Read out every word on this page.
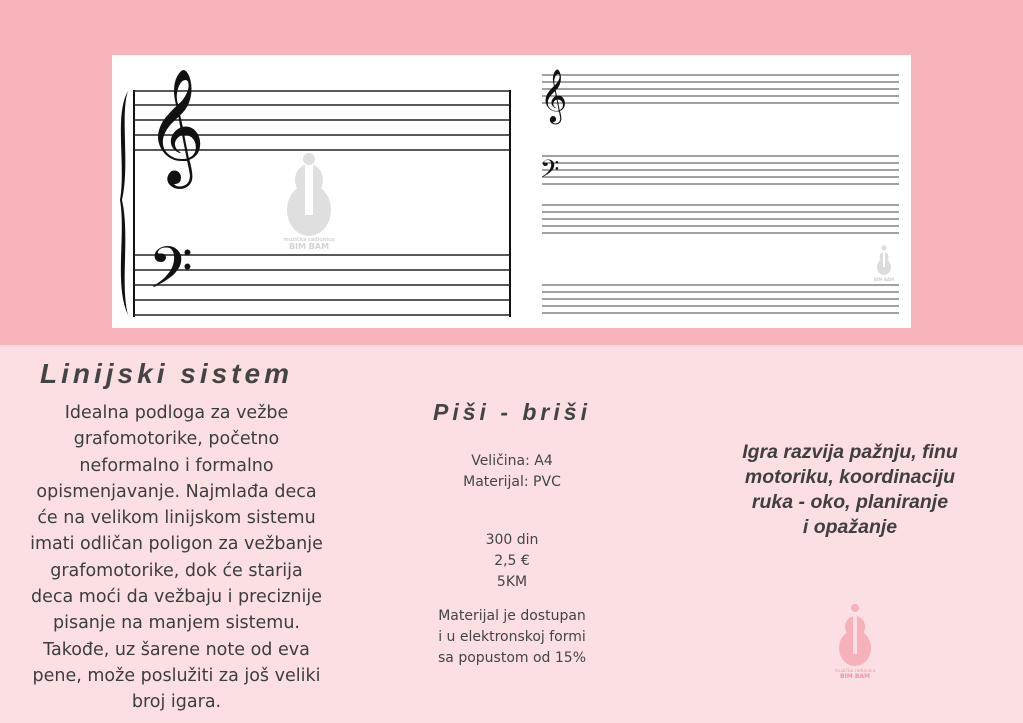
𝄞
𝄢	muzička radionica
BIM BAM
𝄞
𝄢
BIM BAM
Linijski sistem
Idealna podloga za vežbe
grafomotorike, početno
neformalno i formalno
opismenjavanje. Najmlađa deca
će na velikom linijskom sistemu
imati odličan poligon za vežbanje
grafomotorike, dok će starija
deca moći da vežbaju i preciznije
pisanje na manjem sistemu.
Takođe, uz šarene note od eva
pene, može poslužiti za još veliki
broj igara.
Piši - briši
Veličina: A4
Materijal: PVC
300 din
2,5 €
5KM
Materijal je dostupan
i u elektronskoj formi
sa popustom od 15%
Igra razvija pažnju, finu
motoriku, koordinaciju
ruka - oko, planiranje
i opažanje
muzička radionica
BIM BAM
